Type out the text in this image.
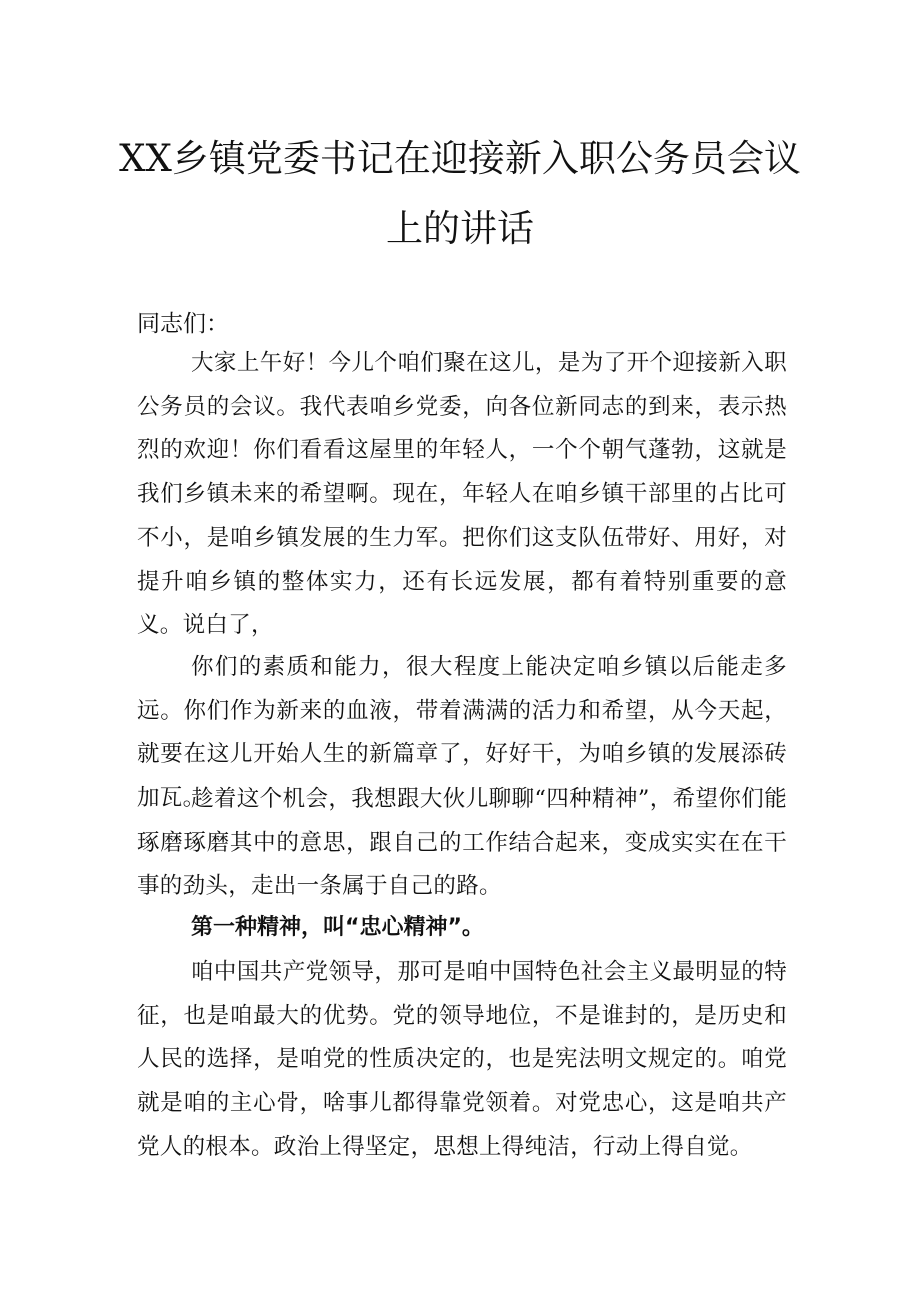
XX乡镇党委书记在迎接新入职公务员会议
上的讲话
同志们：

大家上午好！今儿个咱们聚在这儿，是为了开个迎接新入职公务员的会议。我代表咱乡党委，向各位新同志的到来，表示热烈的欢迎！你们看看这屋里的年轻人，一个个朝气蓬勃，这就是我们乡镇未来的希望啊。现在，年轻人在咱乡镇干部里的占比可不小，是咱乡镇发展的生力军。把你们这支队伍带好、用好，对提升咱乡镇的整体实力，还有长远发展，都有着特别重要的意义。说白了，

你们的素质和能力，很大程度上能决定咱乡镇以后能走多远。你们作为新来的血液，带着满满的活力和希望，从今天起，就要在这儿开始人生的新篇章了，好好干，为咱乡镇的发展添砖加瓦。

趁着这个机会，我想跟大伙儿聊聊“四种精神”，希望你们能琢磨琢磨其中的意思，跟自己的工作结合起来，变成实实在在干事的劲头，走出一条属于自己的路。

第一种精神，叫“忠心精神”。

咱中国共产党领导，那可是咱中国特色社会主义最明显的特征，也是咱最大的优势。党的领导地位，不是谁封的，是历史和人民的选择，是咱党的性质决定的，也是宪法明文规定的。咱党就是咱的主心骨，啥事儿都得靠党领着。对党忠心，这是咱共产党人的根本。政治上得坚定，思想上得纯洁，行动上得自觉。
